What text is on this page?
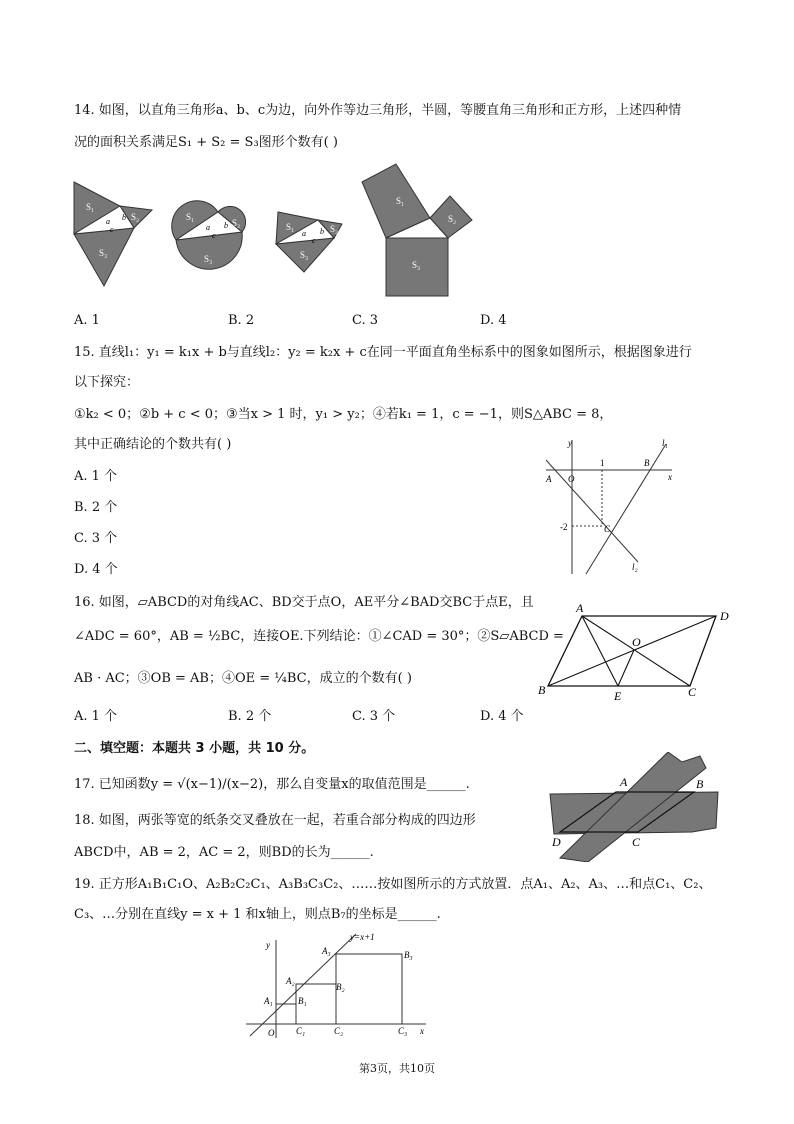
14. 如图，以直角三角形a、b、c为边，向外作等边三角形，半圆，等腰直角三角形和正方形，上述四种情
况的面积关系满足S₁ + S₂ = S₃图形个数有( )
S₁
S₂
S₃
a b
c
S₁
S₂
S₃
a b
c
S₁	S₂
S₃
a b
c
S₁
S₂
S₃
A. 1	B. 2	C. 3	D. 4
15. 直线l₁：y₁ = k₁x + b与直线l₂：y₂ = k₂x + c在同一平面直角坐标系中的图象如图所示，根据图象进行
以下探究：
①k₂ < 0；②b + c < 0；③当x > 1 时，y₁ > y₂；④若k₁ = 1，c = −1，则S△ABC = 8，
其中正确结论的个数共有( )
A. 1 个
B. 2 个
C. 3 个
D. 4 个
y
x
O
A
B
C
l₁
l₂
1
-2
16. 如图，▱ABCD的对角线AC、BD交于点O，AE平分∠BAD交BC于点E，且
∠ADC = 60°，AB = ½BC，连接OE.下列结论：①∠CAD = 30°；②S▱ABCD =
AB · AC；③OB = AB；④OE = ¼BC，成立的个数有( )
A
D
B	C
E
O
A. 1 个	B. 2 个	C. 3 个	D. 4 个
二、填空题：本题共 3 小题，共 10 分。
17. 已知函数y = √(x−1)/(x−2)，那么自变量x的取值范围是______.
18. 如图，两张等宽的纸条交叉叠放在一起，若重合部分构成的四边形
ABCD中，AB = 2，AC = 2，则BD的长为______.
A	B
C
D
19. 正方形A₁B₁C₁O、A₂B₂C₂C₁、A₃B₃C₃C₂、……按如图所示的方式放置．点A₁、A₂、A₃、…和点C₁、C₂、
C₃、…分别在直线y = x + 1 和x轴上，则点B₇的坐标是______.
y=x+1
y
x
O
A₁
A₂
A₃
B₁
B₂
B₃
C₁	C₂	C₃
第3页，共10页
